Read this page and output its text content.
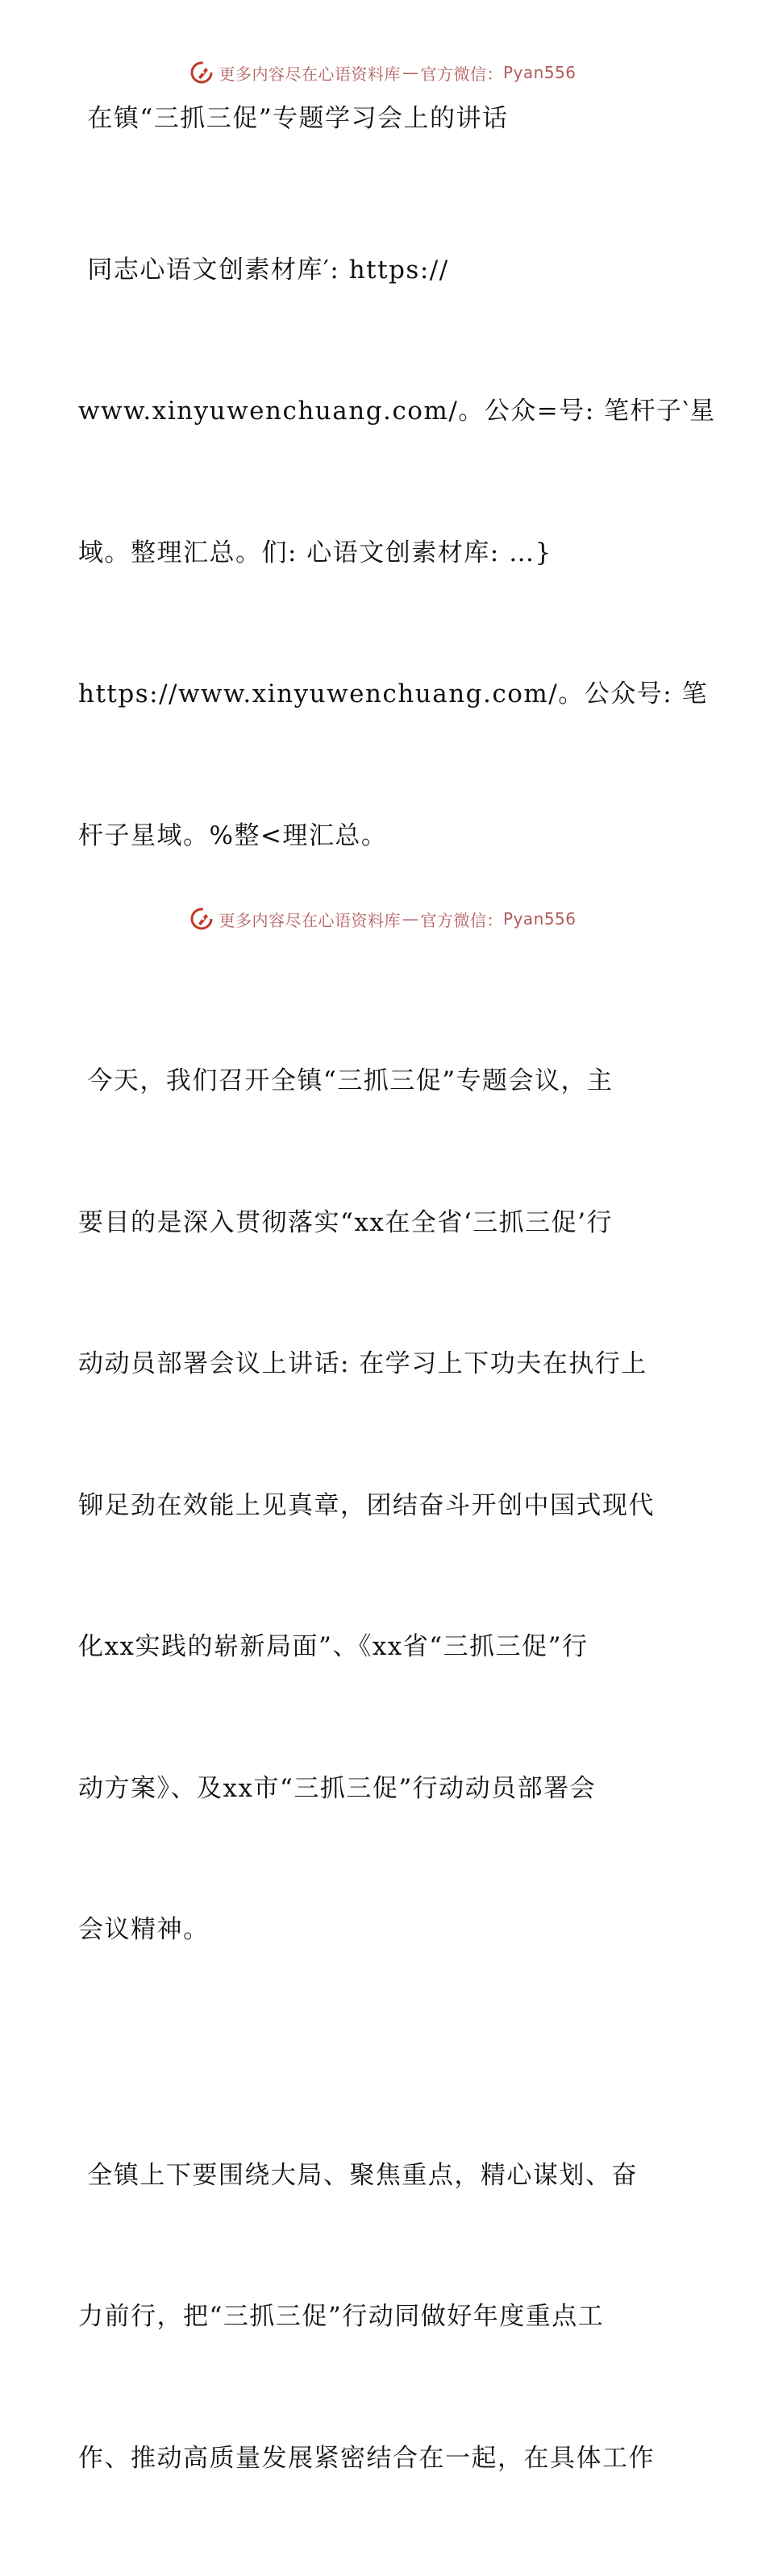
更多内容尽在心语资料库 — 官方微信： Pyan556

在镇“三抓三促”专题学习会上的讲话

同志心语文创素材库′: https://

www.xinyuwenchuang.com/。公众=号: 笔杆子‵星

域。整理汇总。们: 心语文创素材库: …}

https://www.xinyuwenchuang.com/。公众号: 笔

杆子星域。%整<理汇总。

今天，我们召开全镇“三抓三促”专题会议，主

要目的是深入贯彻落实“xx在全省‘三抓三促’行

动动员部署会议上讲话: 在学习上下功夫在执行上

铆足劲在效能上见真章，团结奋斗开创中国式现代

化xx实践的崭新局面”、《xx省“三抓三促”行

动方案》、及xx市“三抓三促”行动动员部署会

会议精神。

全镇上下要围绕大局、聚焦重点，精心谋划、奋

力前行，把“三抓三促”行动同做好年度重点工

作、推动高质量发展紧密结合在一起，在具体工作

更多内容尽在心语资料库 — 官方微信： Pyan556
